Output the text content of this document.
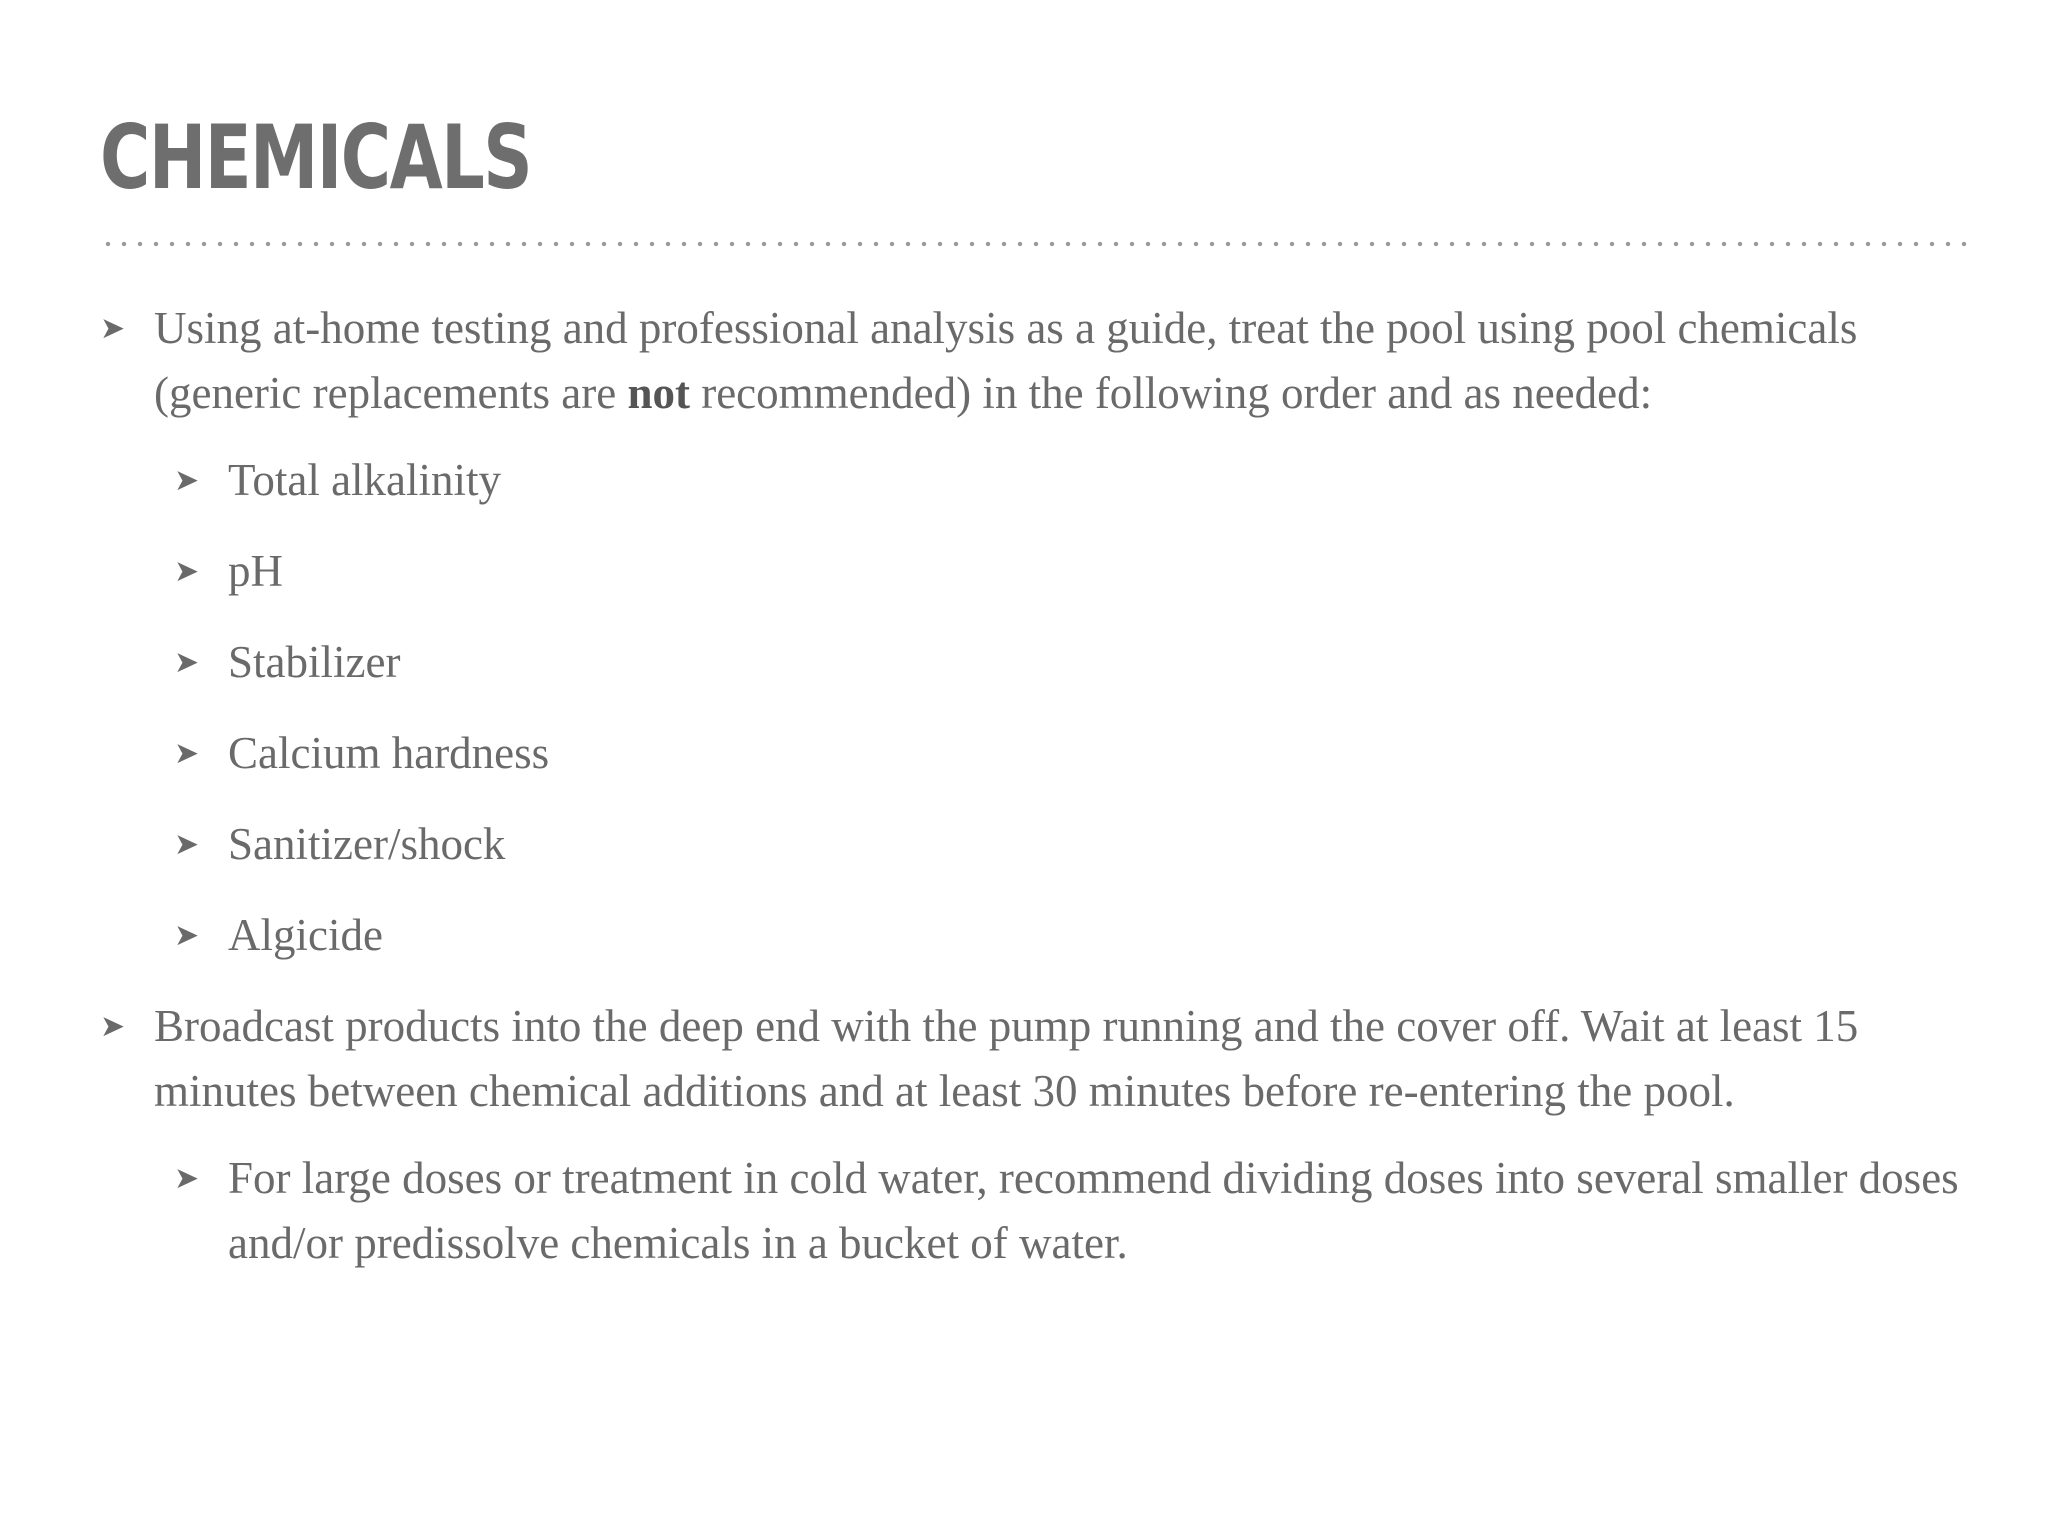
CHEMICALS
➤ Using at-home testing and professional analysis as a guide, treat the pool using pool chemicals (generic replacements are not recommended) in the following order and as needed:
➤ Total alkalinity
➤ pH
➤ Stabilizer
➤ Calcium hardness
➤ Sanitizer/shock
➤ Algicide
➤ Broadcast products into the deep end with the pump running and the cover off. Wait at least 15 minutes between chemical additions and at least 30 minutes before re-entering the pool.
➤ For large doses or treatment in cold water, recommend dividing doses into several smaller doses and/or predissolve chemicals in a bucket of water.
